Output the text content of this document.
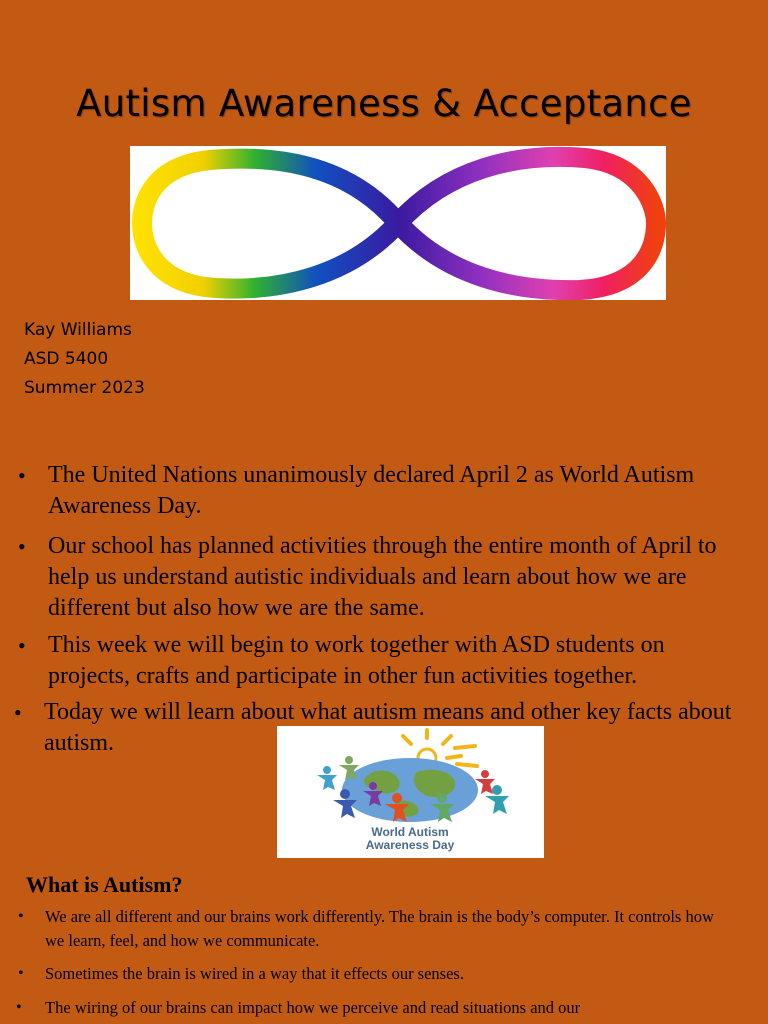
Autism Awareness & Acceptance
Kay Williams
ASD 5400
Summer 2023
• The United Nations unanimously declared April 2 as World Autism Awareness Day.
• Our school has planned activities through the entire month of April to help us understand autistic individuals and learn about how we are different but also how we are the same.
• This week we will begin to work together with ASD students on projects, crafts and participate in other fun activities together.
• Today we will learn about what autism means and other key facts about autism.
World Autism
Awareness Day
What is Autism?
• We are all different and our brains work differently. The brain is the body’s computer. It controls how we learn, feel, and how we communicate.
• Sometimes the brain is wired in a way that it effects our senses.
• The wiring of our brains can impact how we perceive and read situations and our
